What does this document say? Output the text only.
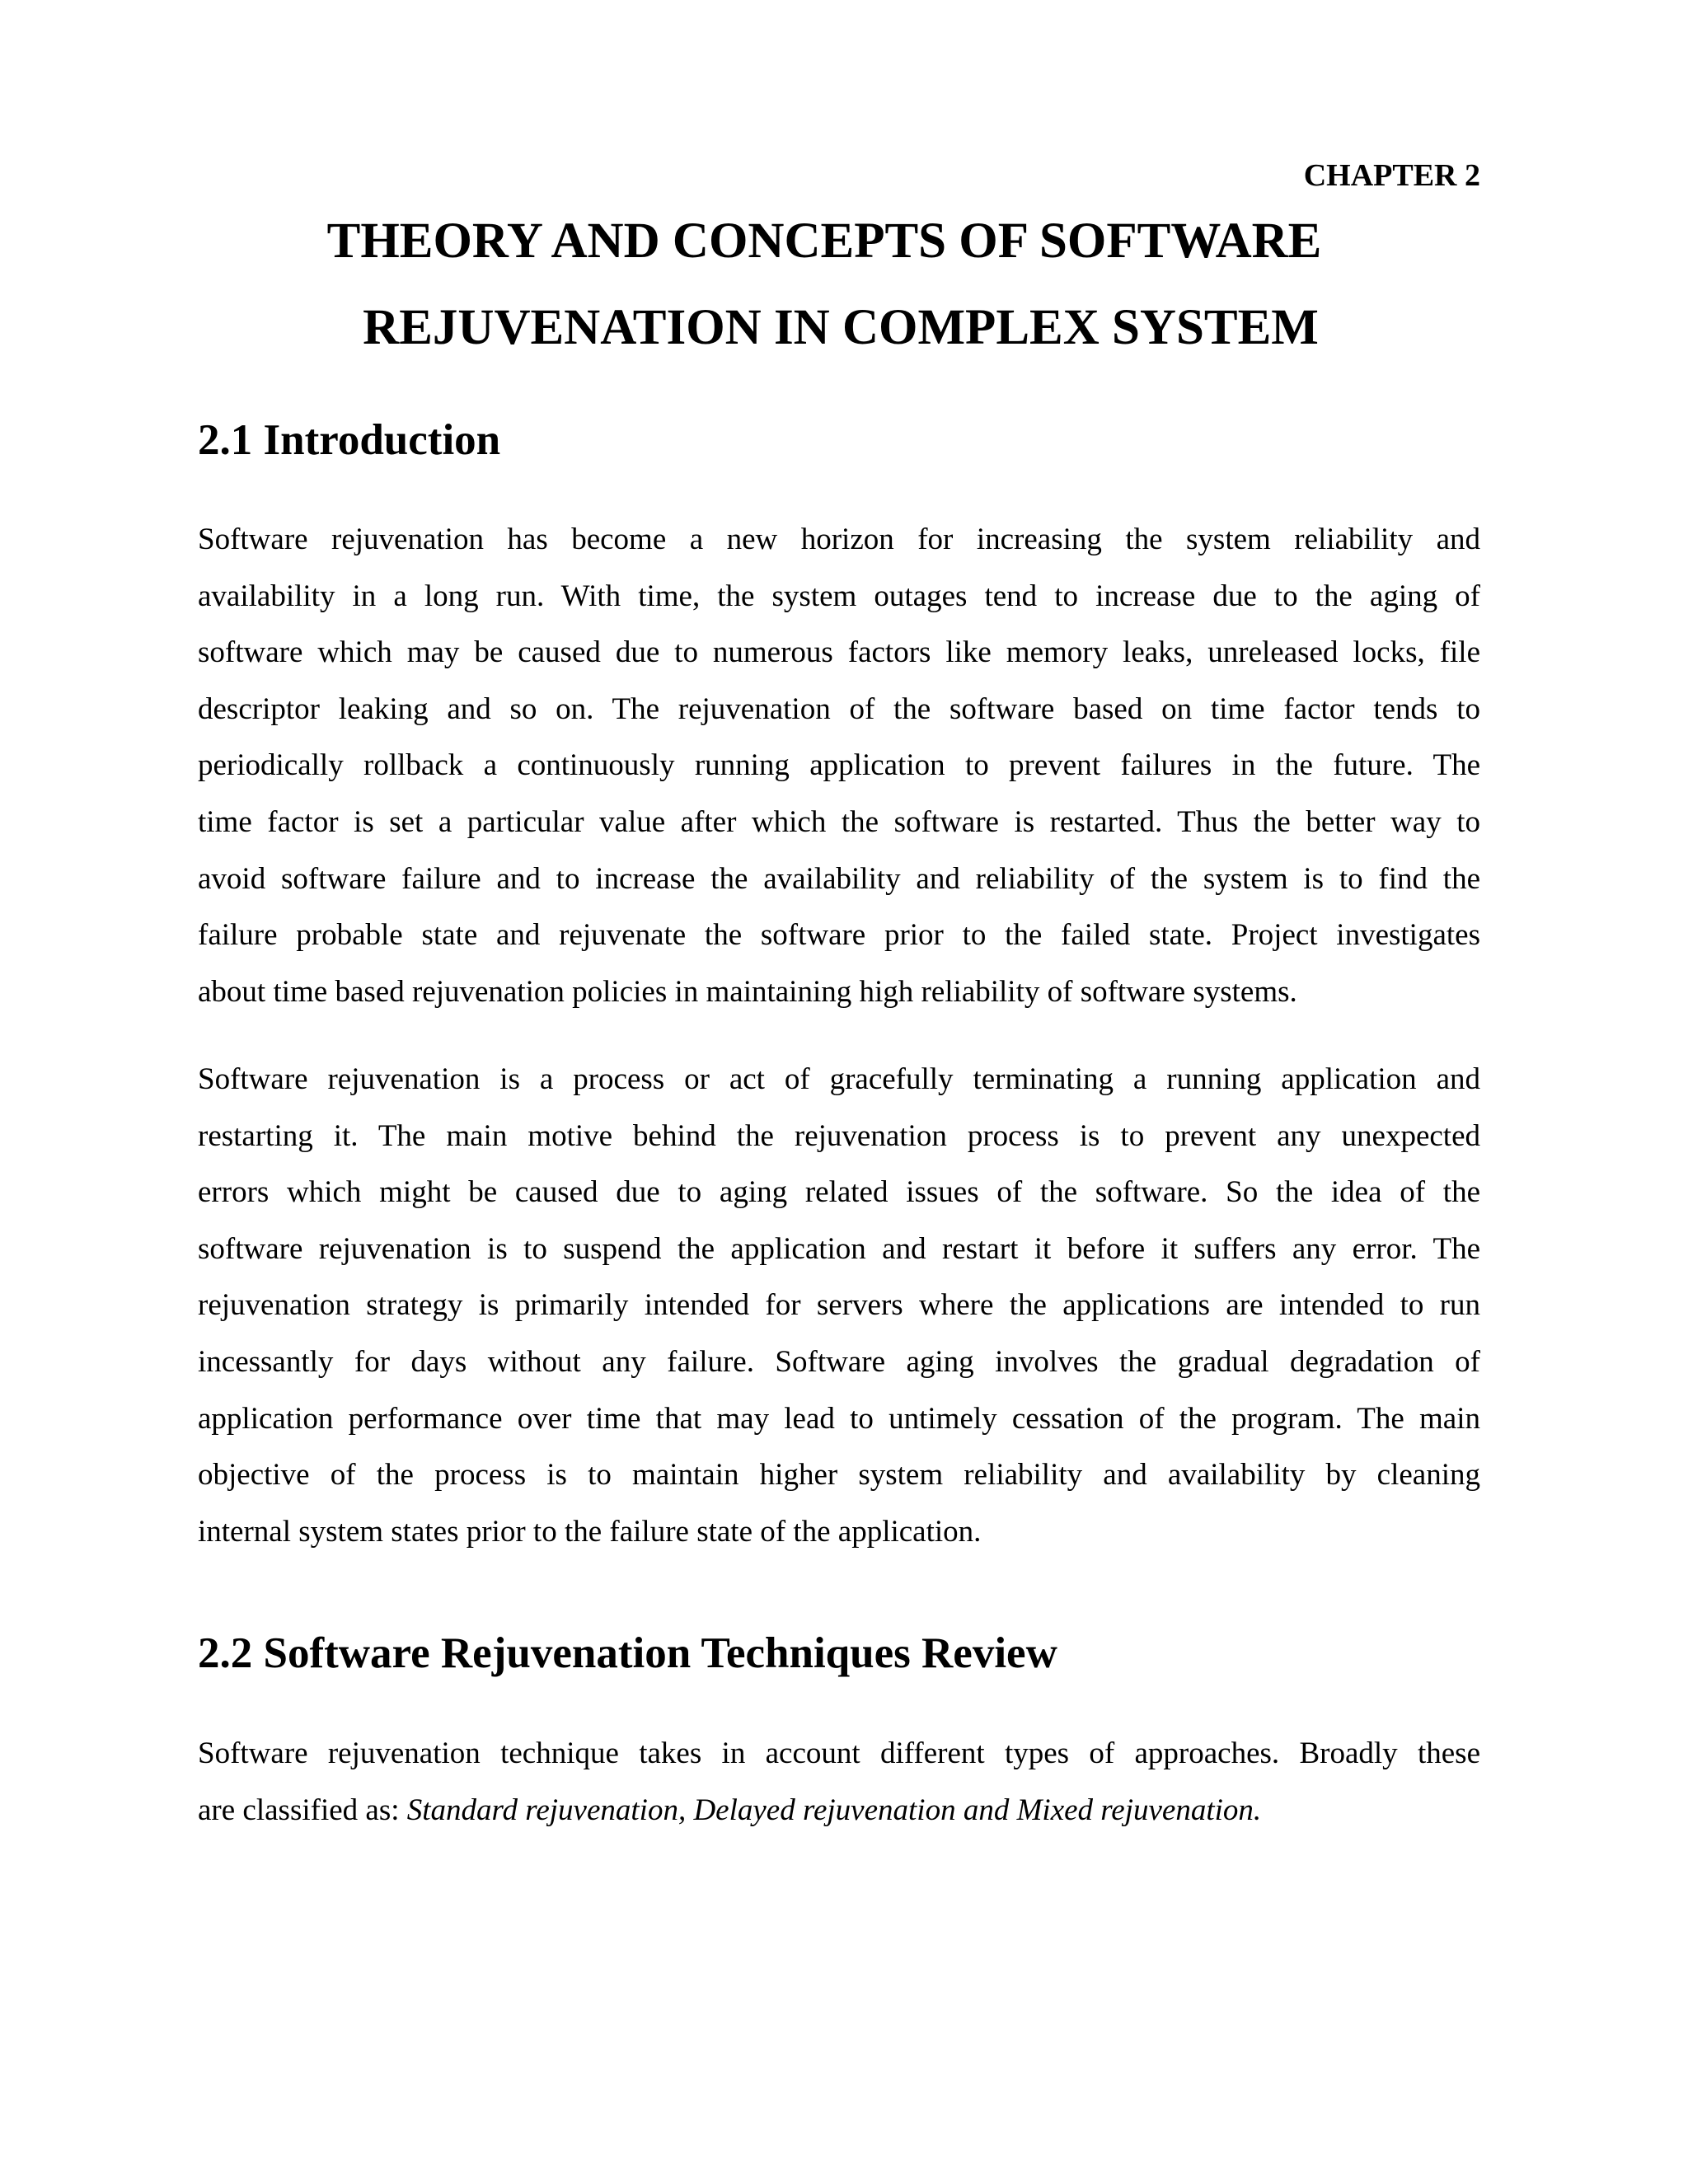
CHAPTER 2
THEORY AND CONCEPTS OF SOFTWARE
REJUVENATION IN COMPLEX SYSTEM
2.1 Introduction
Software rejuvenation has become a new horizon for increasing the system reliability and
availability in a long run. With time, the system outages tend to increase due to the aging of
software which may be caused due to numerous factors like memory leaks, unreleased locks, file
descriptor leaking and so on. The rejuvenation of the software based on time factor tends to
periodically rollback a continuously running application to prevent failures in the future. The
time factor is set a particular value after which the software is restarted. Thus the better way to
avoid software failure and to increase the availability and reliability of the system is to find the
failure probable state and rejuvenate the software prior to the failed state. Project investigates
about time based rejuvenation policies in maintaining high reliability of software systems.
Software rejuvenation is a process or act of gracefully terminating a running application and
restarting it. The main motive behind the rejuvenation process is to prevent any unexpected
errors which might be caused due to aging related issues of the software. So the idea of the
software rejuvenation is to suspend the application and restart it before it suffers any error. The
rejuvenation strategy is primarily intended for servers where the applications are intended to run
incessantly for days without any failure. Software aging involves the gradual degradation of
application performance over time that may lead to untimely cessation of the program. The main
objective of the process is to maintain higher system reliability and availability by cleaning
internal system states prior to the failure state of the application.
2.2 Software Rejuvenation Techniques Review
Software rejuvenation technique takes in account different types of approaches. Broadly these
are classified as: Standard rejuvenation, Delayed rejuvenation and Mixed rejuvenation.
